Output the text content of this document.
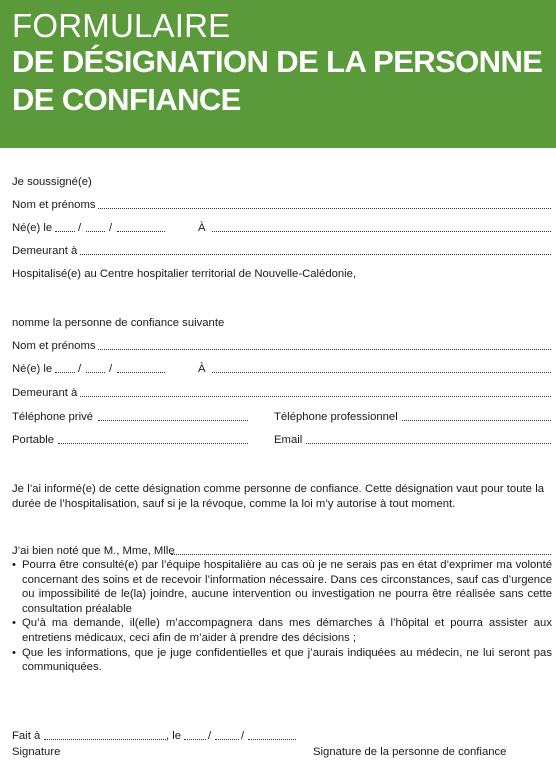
FORMULAIRE
DE DÉSIGNATION DE LA PERSONNE
DE CONFIANCE
Je soussigné(e)
Nom et prénoms
Né(e) le / /	À
Demeurant à
Hospitalisé(e) au Centre hospitalier territorial de Nouvelle-Calédonie,
nomme la personne de confiance suivante
Nom et prénoms
Né(e) le / /	À
Demeurant à
Téléphone privé	Téléphone professionnel
Portable	Email
Je l’ai informé(e) de cette désignation comme personne de confiance. Cette désignation vaut pour toute la durée de l’hospitalisation, sauf si je la révoque, comme la loi m’y autorise à tout moment.
J’ai bien noté que M., Mme, Mlle
• Pourra être consulté(e) par l’équipe hospitalière au cas où je ne serais pas en état d’exprimer ma volonté concernant des soins et de recevoir l’information nécessaire. Dans ces circonstances, sauf cas d’urgence ou impossibilité de le(la) joindre, aucune intervention ou investigation ne pourra être réalisée sans cette consultation préalable
• Qu’à ma demande, il(elle) m’accompagnera dans mes démarches à l’hôpital et pourra assister aux entretiens médicaux, ceci afin de m’aider à prendre des décisions ;
• Que les informations, que je juge confidentielles et que j’aurais indiquées au médecin, ne lui seront pas communiquées.
Fait à	, le /	/
Signature	Signature de la personne de confiance
